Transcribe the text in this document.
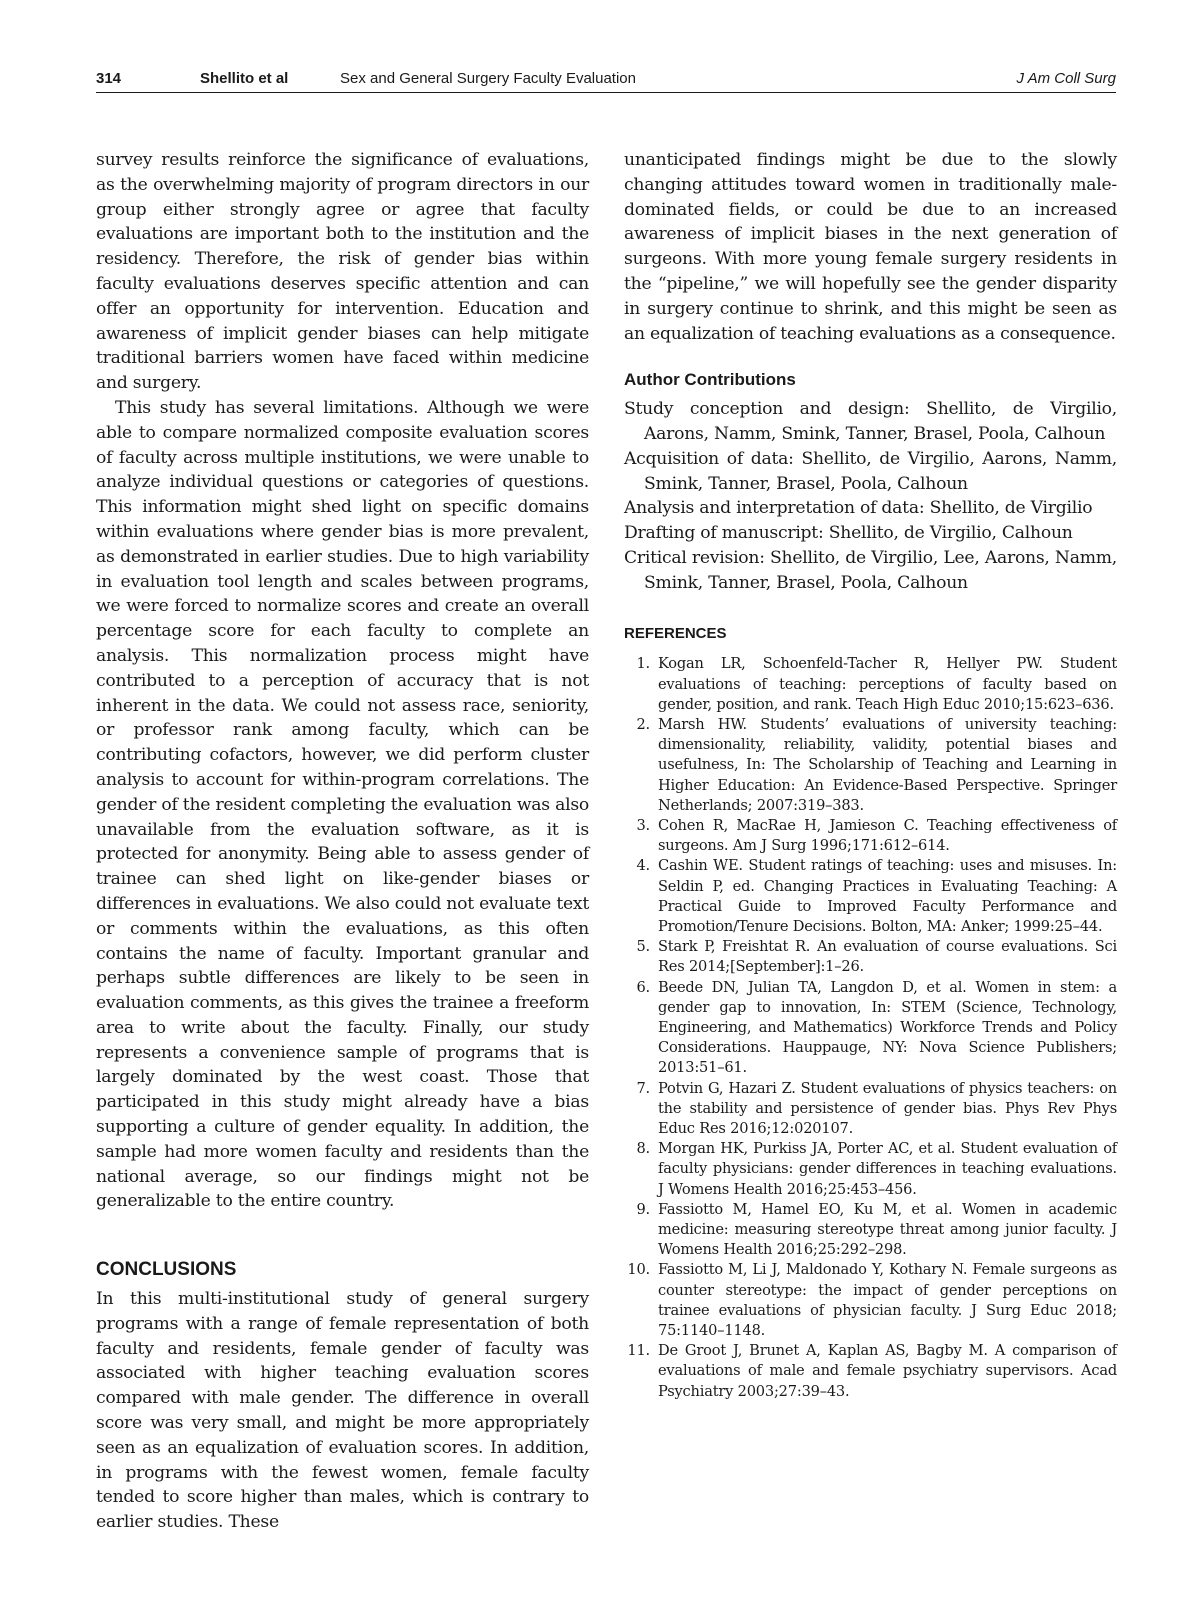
314	Shellito et al	Sex and General Surgery Faculty Evaluation	J Am Coll Surg

survey results reinforce the significance of evaluations, as the overwhelming majority of program directors in our group either strongly agree or agree that faculty evaluations are important both to the institution and the residency. Therefore, the risk of gender bias within faculty evaluations deserves specific attention and can offer an opportunity for intervention. Education and awareness of implicit gender biases can help mitigate traditional barriers women have faced within medicine and surgery.

This study has several limitations. Although we were able to compare normalized composite evaluation scores of faculty across multiple institutions, we were unable to analyze individual questions or categories of questions. This information might shed light on specific domains within evaluations where gender bias is more prevalent, as demonstrated in earlier studies. Due to high variability in evaluation tool length and scales between programs, we were forced to normalize scores and create an overall percentage score for each faculty to complete an analysis. This normalization process might have contributed to a perception of accuracy that is not inherent in the data. We could not assess race, seniority, or professor rank among faculty, which can be contributing cofactors, however, we did perform cluster analysis to account for within-program correlations. The gender of the resident completing the evaluation was also unavailable from the evaluation software, as it is protected for anonymity. Being able to assess gender of trainee can shed light on like-gender biases or differences in evaluations. We also could not evaluate text or comments within the evaluations, as this often contains the name of faculty. Important granular and perhaps subtle differences are likely to be seen in evaluation comments, as this gives the trainee a freeform area to write about the faculty. Finally, our study represents a convenience sample of programs that is largely dominated by the west coast. Those that participated in this study might already have a bias supporting a culture of gender equality. In addition, the sample had more women faculty and residents than the national average, so our findings might not be generalizable to the entire country.

CONCLUSIONS

In this multi-institutional study of general surgery programs with a range of female representation of both faculty and residents, female gender of faculty was associated with higher teaching evaluation scores compared with male gender. The difference in overall score was very small, and might be more appropriately seen as an equalization of evaluation scores. In addition, in programs with the fewest women, female faculty tended to score higher than males, which is contrary to earlier studies. These

unanticipated findings might be due to the slowly changing attitudes toward women in traditionally male-dominated fields, or could be due to an increased awareness of implicit biases in the next generation of surgeons. With more young female surgery residents in the “pipeline,” we will hopefully see the gender disparity in surgery continue to shrink, and this might be seen as an equalization of teaching evaluations as a consequence.

Author Contributions
Study conception and design: Shellito, de Virgilio, Aarons, Namm, Smink, Tanner, Brasel, Poola, Calhoun
Acquisition of data: Shellito, de Virgilio, Aarons, Namm, Smink, Tanner, Brasel, Poola, Calhoun
Analysis and interpretation of data: Shellito, de Virgilio
Drafting of manuscript: Shellito, de Virgilio, Calhoun
Critical revision: Shellito, de Virgilio, Lee, Aarons, Namm, Smink, Tanner, Brasel, Poola, Calhoun
REFERENCES
1. Kogan LR, Schoenfeld-Tacher R, Hellyer PW. Student evaluations of teaching: perceptions of faculty based on gender, position, and rank. Teach High Educ 2010;15:623–636.
2. Marsh HW. Students’ evaluations of university teaching: dimensionality, reliability, validity, potential biases and usefulness, In: The Scholarship of Teaching and Learning in Higher Education: An Evidence-Based Perspective. Springer Netherlands; 2007:319–383.
3. Cohen R, MacRae H, Jamieson C. Teaching effectiveness of surgeons. Am J Surg 1996;171:612–614.
4. Cashin WE. Student ratings of teaching: uses and misuses. In: Seldin P, ed. Changing Practices in Evaluating Teaching: A Practical Guide to Improved Faculty Performance and Promotion/Tenure Decisions. Bolton, MA: Anker; 1999:25–44.
5. Stark P, Freishtat R. An evaluation of course evaluations. Sci Res 2014;[September]:1–26.
6. Beede DN, Julian TA, Langdon D, et al. Women in stem: a gender gap to innovation, In: STEM (Science, Technology, Engineering, and Mathematics) Workforce Trends and Policy Considerations. Hauppauge, NY: Nova Science Publishers; 2013:51–61.
7. Potvin G, Hazari Z. Student evaluations of physics teachers: on the stability and persistence of gender bias. Phys Rev Phys Educ Res 2016;12:020107.
8. Morgan HK, Purkiss JA, Porter AC, et al. Student evaluation of faculty physicians: gender differences in teaching evaluations. J Womens Health 2016;25:453–456.
9. Fassiotto M, Hamel EO, Ku M, et al. Women in academic medicine: measuring stereotype threat among junior faculty. J Womens Health 2016;25:292–298.
10. Fassiotto M, Li J, Maldonado Y, Kothary N. Female surgeons as counter stereotype: the impact of gender perceptions on trainee evaluations of physician faculty. J Surg Educ 2018; 75:1140–1148.
11. De Groot J, Brunet A, Kaplan AS, Bagby M. A comparison of evaluations of male and female psychiatry supervisors. Acad Psychiatry 2003;27:39–43.
